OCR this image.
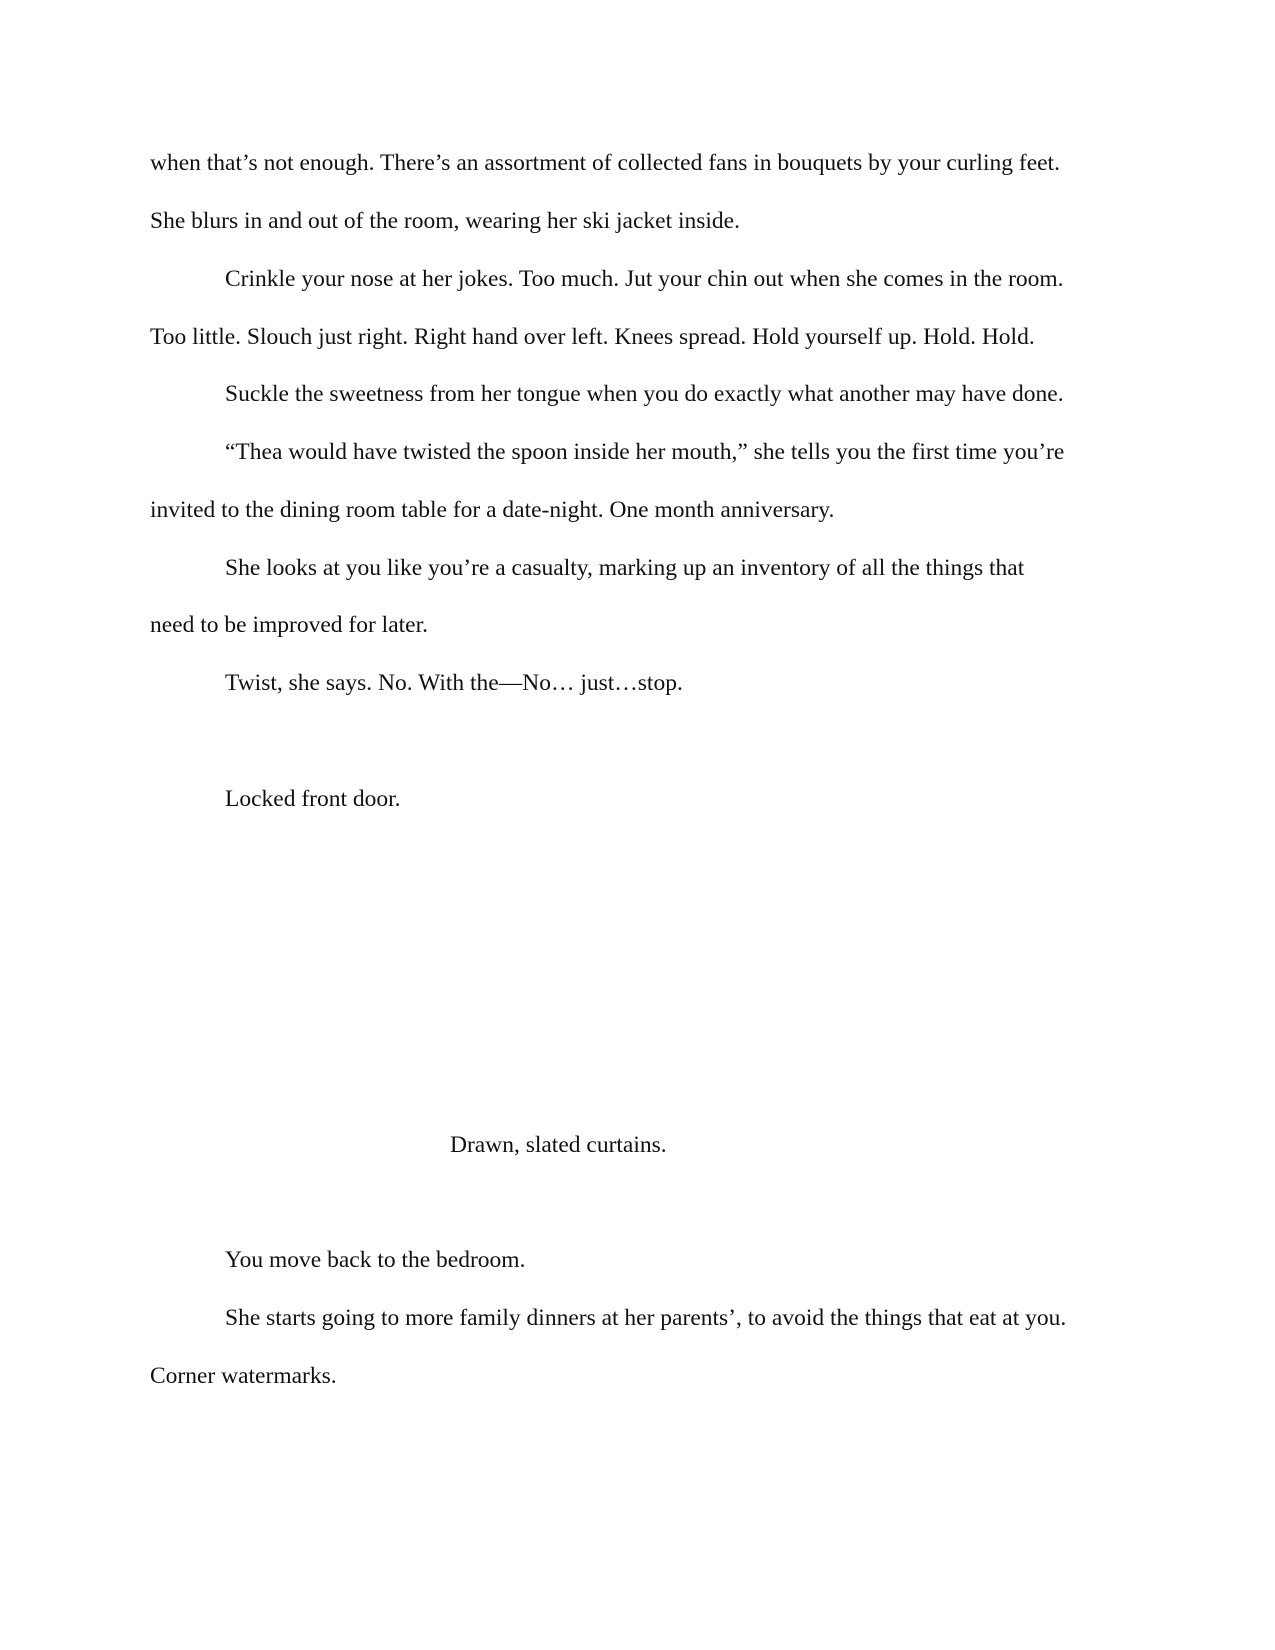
when that’s not enough. There’s an assortment of collected fans in bouquets by your curling feet.

She blurs in and out of the room, wearing her ski jacket inside.

Crinkle your nose at her jokes. Too much. Jut your chin out when she comes in the room.

Too little. Slouch just right. Right hand over left. Knees spread. Hold yourself up. Hold. Hold.

Suckle the sweetness from her tongue when you do exactly what another may have done.

“Thea would have twisted the spoon inside her mouth,” she tells you the first time you’re

invited to the dining room table for a date-night. One month anniversary.

She looks at you like you’re a casualty, marking up an inventory of all the things that

need to be improved for later.

Twist, she says. No. With the—No… just…stop.

Locked front door.

Drawn, slated curtains.

You move back to the bedroom.

She starts going to more family dinners at her parents’, to avoid the things that eat at you.

Corner watermarks.
